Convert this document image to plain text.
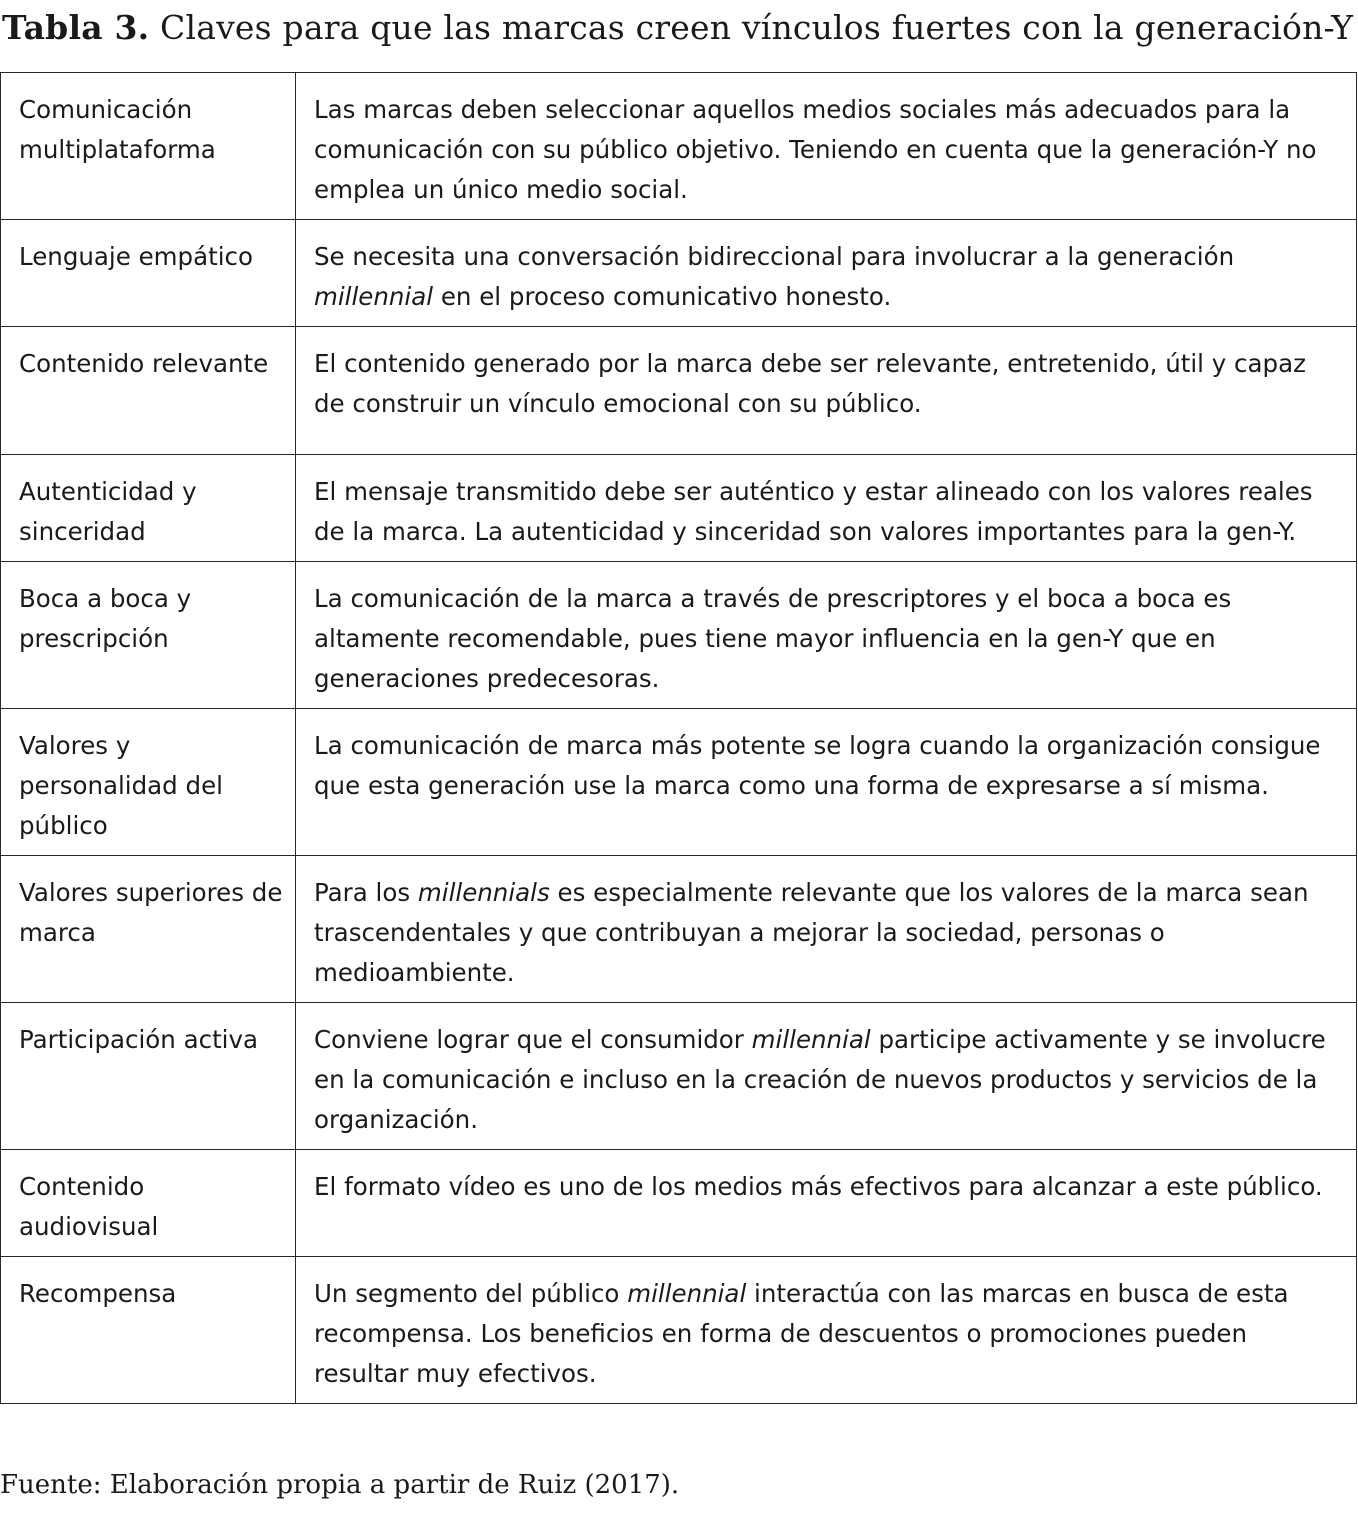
Tabla 3. Claves para que las marcas creen vínculos fuertes con la generación-Y
Comunicación multiplataforma	Las marcas deben seleccionar aquellos medios sociales más adecuados para la comunicación con su público objetivo. Teniendo en cuenta que la generación-Y no emplea un único medio social.
Lenguaje empático	Se necesita una conversación bidireccional para involucrar a la generación millennial en el proceso comunicativo honesto.
Contenido relevante	El contenido generado por la marca debe ser relevante, entretenido, útil y capaz de construir un vínculo emocional con su público.
Autenticidad y sinceridad	El mensaje transmitido debe ser auténtico y estar alineado con los valores reales de la marca. La autenticidad y sinceridad son valores importantes para la gen-Y.
Boca a boca y prescripción	La comunicación de la marca a través de prescriptores y el boca a boca es altamente recomendable, pues tiene mayor influencia en la gen-Y que en generaciones predecesoras.
Valores y personalidad del público	La comunicación de marca más potente se logra cuando la organización consigue que esta generación use la marca como una forma de expresarse a sí misma.
Valores superiores de marca	Para los millennials es especialmente relevante que los valores de la marca sean trascendentales y que contribuyan a mejorar la sociedad, personas o medioambiente.
Participación activa	Conviene lograr que el consumidor millennial participe activamente y se involucre en la comunicación e incluso en la creación de nuevos productos y servicios de la organización.
Contenido audiovisual	El formato vídeo es uno de los medios más efectivos para alcanzar a este público.
Recompensa	Un segmento del público millennial interactúa con las marcas en busca de esta recompensa. Los beneficios en forma de descuentos o promociones pueden resultar muy efectivos.
Fuente: Elaboración propia a partir de Ruiz (2017).
